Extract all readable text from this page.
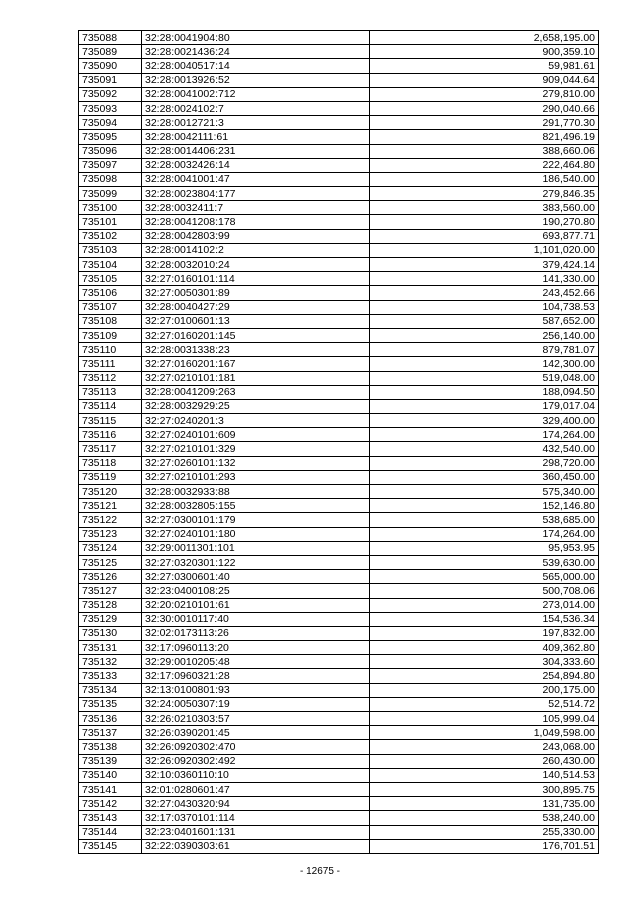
735088	32:28:0041904:80	2,658,195.00
735089	32:28:0021436:24	900,359.10
735090	32:28:0040517:14	59,981.61
735091	32:28:0013926:52	909,044.64
735092	32:28:0041002:712	279,810.00
735093	32:28:0024102:7	290,040.66
735094	32:28:0012721:3	291,770.30
735095	32:28:0042111:61	821,496.19
735096	32:28:0014406:231	388,660.06
735097	32:28:0032426:14	222,464.80
735098	32:28:0041001:47	186,540.00
735099	32:28:0023804:177	279,846.35
735100	32:28:0032411:7	383,560.00
735101	32:28:0041208:178	190,270.80
735102	32:28:0042803:99	693,877.71
735103	32:28:0014102:2	1,101,020.00
735104	32:28:0032010:24	379,424.14
735105	32:27:0160101:114	141,330.00
735106	32:27:0050301:89	243,452.66
735107	32:28:0040427:29	104,738.53
735108	32:27:0100601:13	587,652.00
735109	32:27:0160201:145	256,140.00
735110	32:28:0031338:23	879,781.07
735111	32:27:0160201:167	142,300.00
735112	32:27:0210101:181	519,048.00
735113	32:28:0041209:263	188,094.50
735114	32:28:0032929:25	179,017.04
735115	32:27:0240201:3	329,400.00
735116	32:27:0240101:609	174,264.00
735117	32:27:0210101:329	432,540.00
735118	32:27:0260101:132	298,720.00
735119	32:27:0210101:293	360,450.00
735120	32:28:0032933:88	575,340.00
735121	32:28:0032805:155	152,146.80
735122	32:27:0300101:179	538,685.00
735123	32:27:0240101:180	174,264.00
735124	32:29:0011301:101	95,953.95
735125	32:27:0320301:122	539,630.00
735126	32:27:0300601:40	565,000.00
735127	32:23:0400108:25	500,708.06
735128	32:20:0210101:61	273,014.00
735129	32:30:0010117:40	154,536.34
735130	32:02:0173113:26	197,832.00
735131	32:17:0960113:20	409,362.80
735132	32:29:0010205:48	304,333.60
735133	32:17:0960321:28	254,894.80
735134	32:13:0100801:93	200,175.00
735135	32:24:0050307:19	52,514.72
735136	32:26:0210303:57	105,999.04
735137	32:26:0390201:45	1,049,598.00
735138	32:26:0920302:470	243,068.00
735139	32:26:0920302:492	260,430.00
735140	32:10:0360110:10	140,514.53
735141	32:01:0280601:47	300,895.75
735142	32:27:0430320:94	131,735.00
735143	32:17:0370101:114	538,240.00
735144	32:23:0401601:131	255,330.00
735145	32:22:0390303:61	176,701.51
- 12675 -
